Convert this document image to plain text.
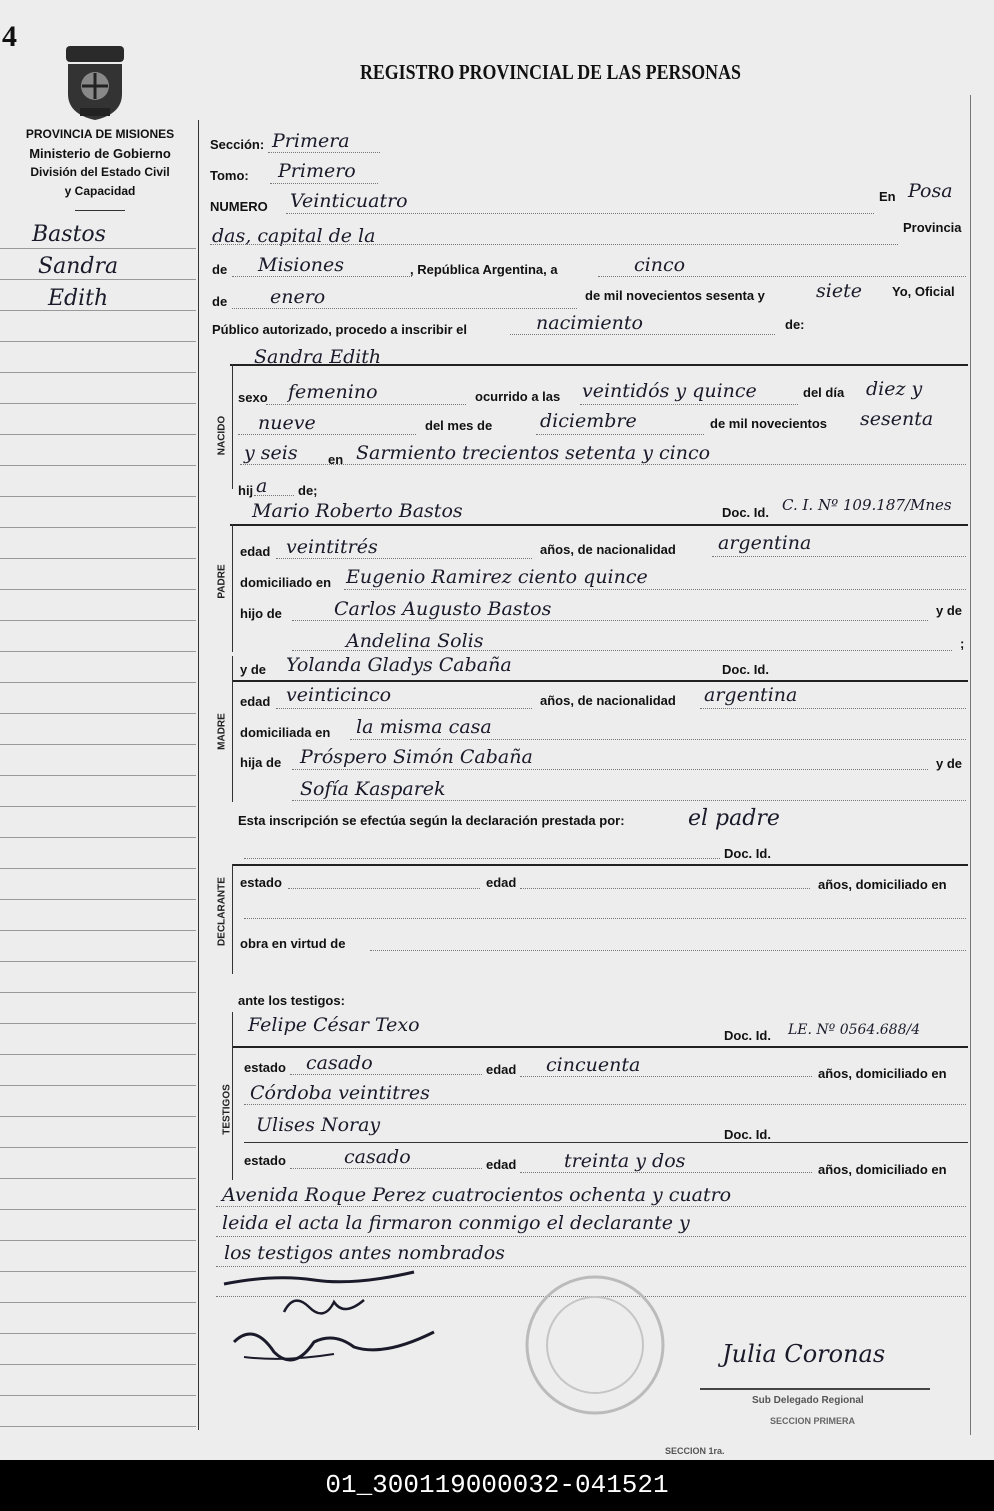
4
PROVINCIA DE MISIONES
Ministerio de Gobierno
División del Estado Civil
y Capacidad
REGISTRO PROVINCIAL DE LAS PERSONAS
Bastos
Sandra
Edith
Sección: Primera
Tomo: Primero
NUMERO Veinticuatro	En Posa
das, capital de la	Provincia
de Misiones	, República Argentina, a	cinco
de enero	de mil novecientos sesenta y	siete Yo, Oficial
Público autorizado, procedo a inscribir el	nacimiento	de:
Sandra Edith
NACIDO
sexo femenino	ocurrido a las veintidós y quince	del día diez y
nueve	del mes de	diciembre	de mil novecientos sesenta
y seis en Sarmiento trecientos setenta y cinco
hij a de;
Mario Roberto Bastos	Doc. Id. C. I. Nº 109.187/Mnes
PADRE
edad veintitrés	años, de nacionalidad argentina
domiciliado en Eugenio Ramirez ciento quince
hijo de	Carlos Augusto Bastos	y de
Andelina Solis	;
y de Yolanda Gladys Cabaña	Doc. Id.
MADRE
edad veinticinco	años, de nacionalidad argentina
domiciliada en la misma casa
hija de Próspero Simón Cabaña	y de
Sofía Kasparek
Esta inscripción se efectúa según la declaración prestada por:	el padre
Doc. Id.
DECLARANTE estado	edad	años, domiciliado en
obra en virtud de
ante los testigos:
Felipe César Texo	Doc. Id. LE. Nº 0564.688/4
TESTIGOS
estado casado	edad cincuenta	años, domiciliado en
Córdoba veintitres
Ulises Noray	Doc. Id.
estado	casado	edad	treinta y dos	años, domiciliado en
Avenida Roque Perez cuatrocientos ochenta y cuatro
leida el acta la firmaron conmigo el declarante y
los testigos antes nombrados
Julia Coronas
Sub Delegado Regional
SECCION PRIMERA
SECCION 1ra.
01_300119000032-041521
